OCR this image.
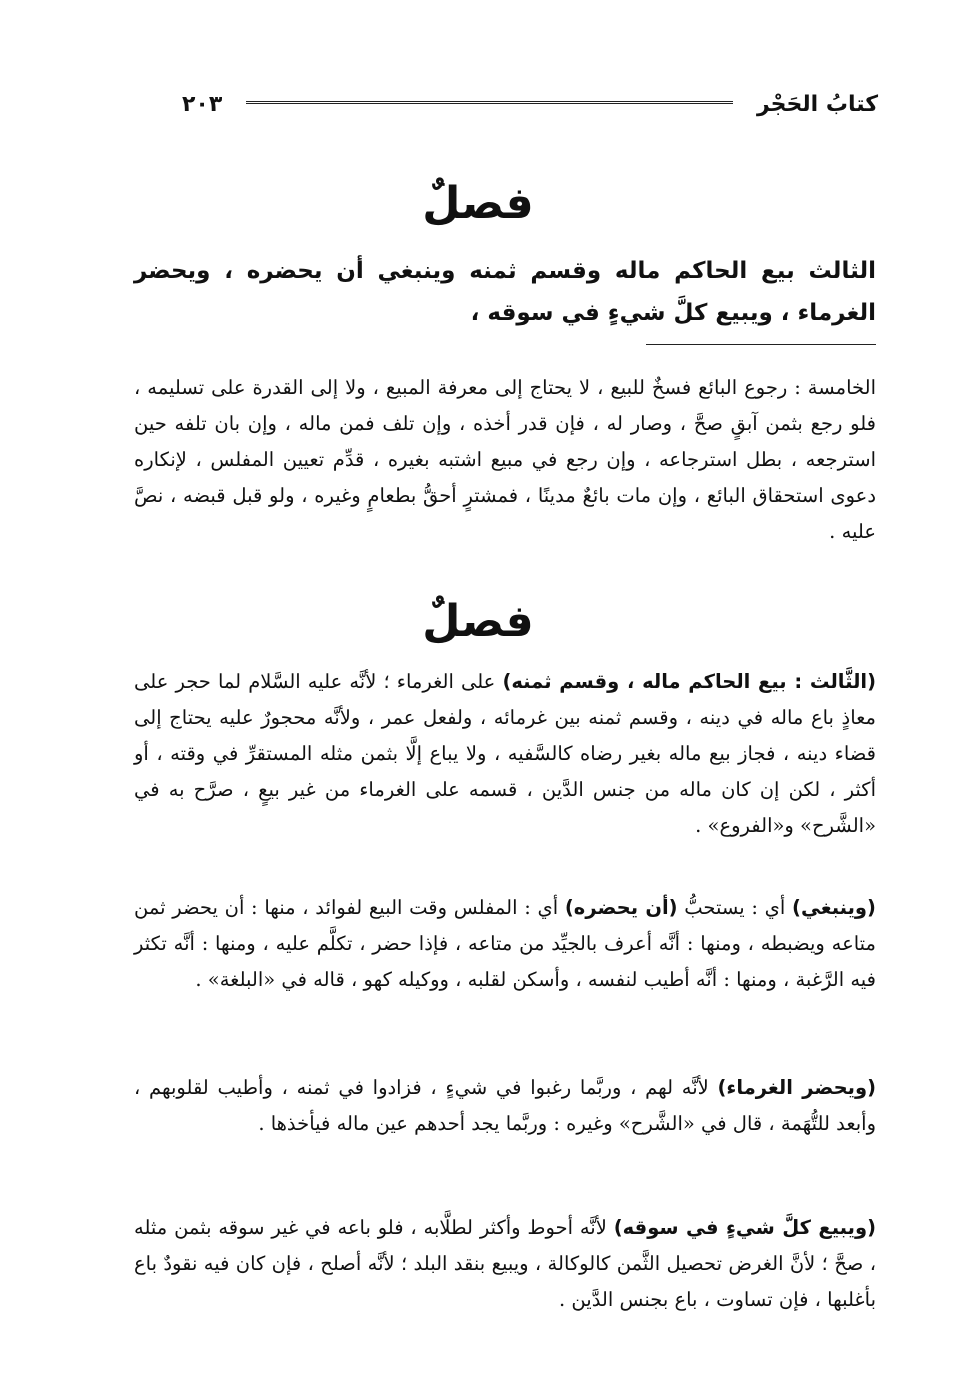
كتابُ الحَجْر
٢٠٣
فصلٌ
الثالث بيع الحاكم ماله وقسم ثمنه وينبغي أن يحضره ، ويحضر الغرماء ، ويبيع كلَّ شيءٍ في سوقه ،
الخامسة : رجوع البائع فسخٌ للبيع ، لا يحتاج إلى معرفة المبيع ، ولا إلى القدرة على تسليمه ، فلو رجع بثمن آبقٍ صحَّ ، وصار له ، فإن قدر أخذه ، وإن تلف فمن ماله ، وإن بان تلفه حين استرجعه ، بطل استرجاعه ، وإن رجع في مبيع اشتبه بغيره ، قدِّم تعيين المفلس ، لإنكاره دعوى استحقاق البائع ، وإن مات بائعٌ مدينًا ، فمشترٍ أحقُّ بطعامٍ وغيره ، ولو قبل قبضه ، نصَّ عليه .
فصلٌ
(الثَّالث : بيع الحاكم ماله ، وقسم ثمنه) على الغرماء ؛ لأنَّه عليه السَّلام لما حجر على معاذٍ باع ماله في دينه ، وقسم ثمنه بين غرمائه ، ولفعل عمر ، ولأنَّه محجورٌ عليه يحتاج إلى قضاء دينه ، فجاز بيع ماله بغير رضاه كالسَّفيه ، ولا يباع إلَّا بثمن مثله المستقرِّ في وقته ، أو أكثر ، لكن إن كان ماله من جنس الدَّين ، قسمه على الغرماء من غير بيعٍ ، صرَّح به في «الشَّرح» و«الفروع» .
(وينبغي) أي : يستحبُّ (أن يحضره) أي : المفلس وقت البيع لفوائد ، منها : أن يحضر ثمن متاعه ويضبطه ، ومنها : أنَّه أعرف بالجيِّد من متاعه ، فإذا حضر ، تكلَّم عليه ، ومنها : أنَّه تكثر فيه الرَّغبة ، ومنها : أنَّه أطيب لنفسه ، وأسكن لقلبه ، ووكيله كهو ، قاله في «البلغة» .
(ويحضر الغرماء) لأنَّه لهم ، وربَّما رغبوا في شيءٍ ، فزادوا في ثمنه ، وأطيب لقلوبهم ، وأبعد للتُّهَمة ، قال في «الشَّرح» وغيره : وربَّما يجد أحدهم عين ماله فيأخذها .
(ويبيع كلَّ شيءٍ في سوقه) لأنَّه أحوط وأكثر لطلَّابه ، فلو باعه في غير سوقه بثمن مثله ، صحَّ ؛ لأنَّ الغرض تحصيل الثَّمن كالوكالة ، ويبيع بنقد البلد ؛ لأنَّه أصلح ، فإن كان فيه نقودٌ باع بأغلبها ، فإن تساوت ، باع بجنس الدَّين .
